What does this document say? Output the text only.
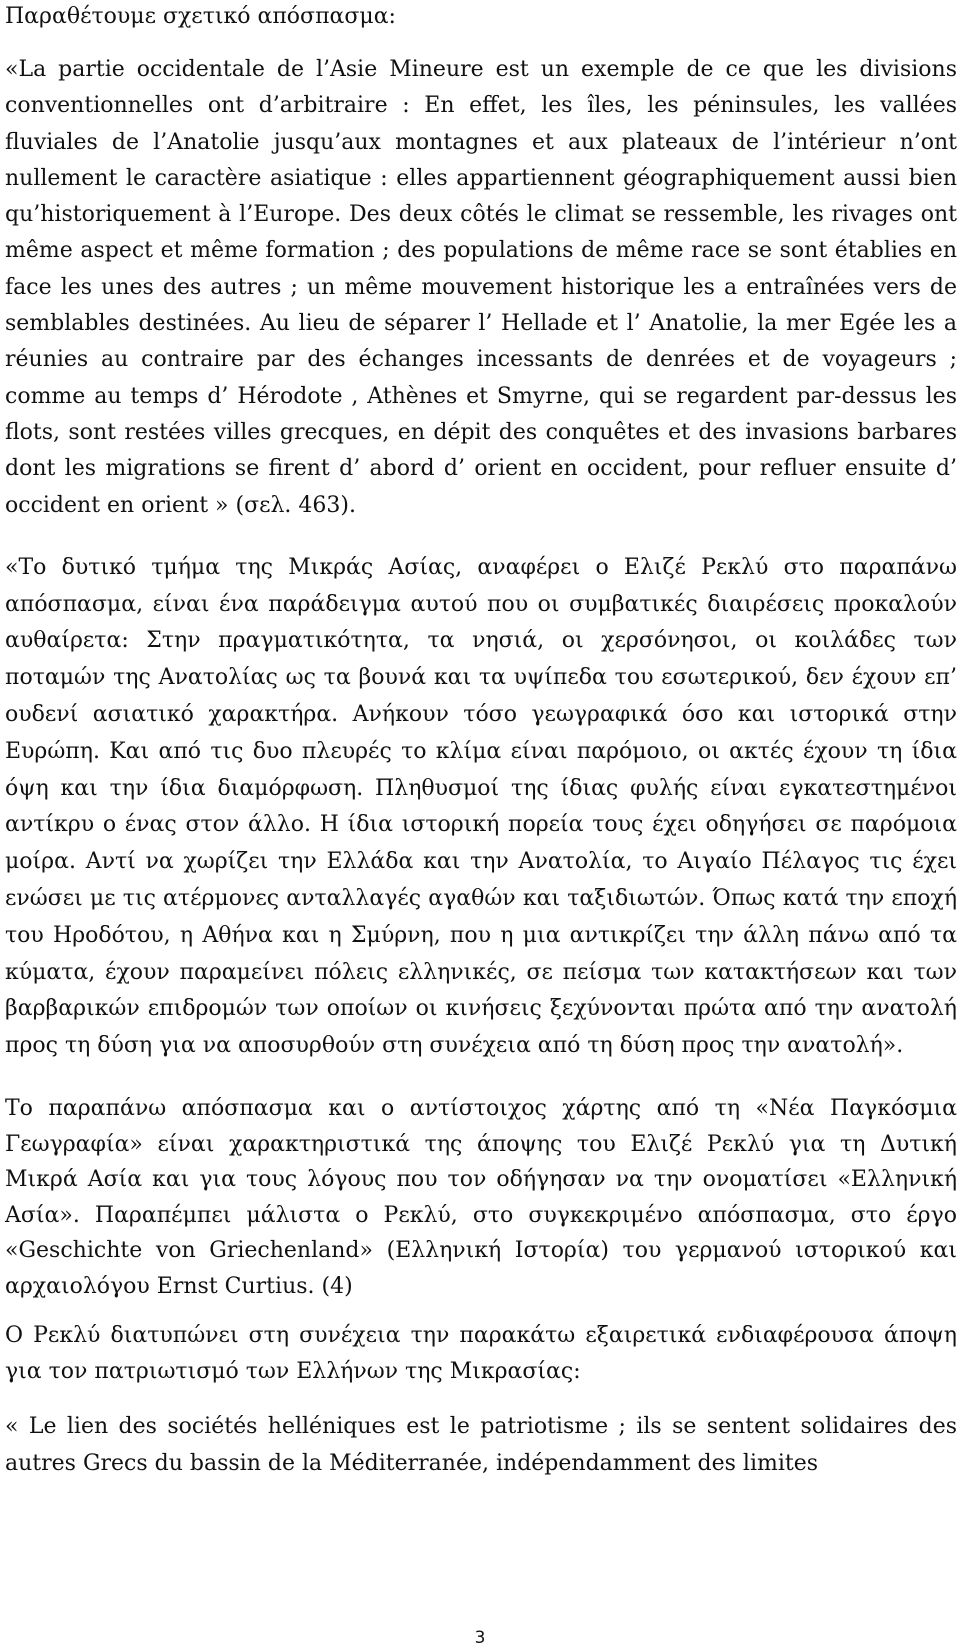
Παραθέτουμε σχετικό απόσπασμα:

«La partie occidentale de l’Asie Mineure est un exemple de ce que les divisions conventionnelles ont d’arbitraire : En effet, les îles, les péninsules, les vallées fluviales de l’Anatolie jusqu’aux montagnes et aux plateaux de l’intérieur n’ont nullement le caractère asiatique : elles appartiennent géographiquement aussi bien qu’historiquement à l’Europe. Des deux côtés le climat se ressemble, les rivages ont même aspect et même formation ; des populations de même race se sont établies en face les unes des autres ; un même mouvement historique les a entraînées vers de semblables destinées. Au lieu de séparer l’ Hellade et l’ Anatolie, la mer Egée les a réunies au contraire par des échanges incessants de denrées et de voyageurs ; comme au temps d’ Hérodote , Athènes et Smyrne, qui se regardent par-dessus les flots, sont restées villes grecques, en dépit des conquêtes et des invasions barbares dont les migrations se firent d’ abord d’ orient en occident, pour refluer ensuite d’ occident en orient » (σελ. 463).

«Το δυτικό τμήμα της Μικράς Ασίας, αναφέρει ο Ελιζέ Ρεκλύ στο παραπάνω απόσπασμα, είναι ένα παράδειγμα αυτού που οι συμβατικές διαιρέσεις προκαλούν αυθαίρετα: Στην πραγματικότητα, τα νησιά, οι χερσόνησοι, οι κοιλάδες των ποταμών της Ανατολίας ως τα βουνά και τα υψίπεδα του εσωτερικού, δεν έχουν επ’ ουδενί ασιατικό χαρακτήρα. Ανήκουν τόσο γεωγραφικά όσο και ιστορικά στην Ευρώπη. Και από τις δυο πλευρές το κλίμα είναι παρόμοιο, οι ακτές έχουν τη ίδια όψη και την ίδια διαμόρφωση. Πληθυσμοί της ίδιας φυλής είναι εγκατεστημένοι αντίκρυ ο ένας στον άλλο. Η ίδια ιστορική πορεία τους έχει οδηγήσει σε παρόμοια μοίρα. Αντί να χωρίζει την Ελλάδα και την Ανατολία, το Αιγαίο Πέλαγος τις έχει ενώσει με τις ατέρμονες ανταλλαγές αγαθών και ταξιδιωτών. Όπως κατά την εποχή του Ηροδότου, η Αθήνα και η Σμύρνη, που η μια αντικρίζει την άλλη πάνω από τα κύματα, έχουν παραμείνει πόλεις ελληνικές, σε πείσμα των κατακτήσεων και των βαρβαρικών επιδρομών των οποίων οι κινήσεις ξεχύνονται πρώτα από την ανατολή προς τη δύση για να αποσυρθούν στη συνέχεια από τη δύση προς την ανατολή».

Το παραπάνω απόσπασμα και ο αντίστοιχος χάρτης από τη «Νέα Παγκόσμια Γεωγραφία» είναι χαρακτηριστικά της άποψης του Ελιζέ Ρεκλύ για τη Δυτική Μικρά Ασία και για τους λόγους που τον οδήγησαν να την ονοματίσει «Ελληνική Ασία». Παραπέμπει μάλιστα ο Ρεκλύ, στο συγκεκριμένο απόσπασμα, στο έργο «Geschichte von Griechenland» (Ελληνική Ιστορία) του γερμανού ιστορικού και αρχαιολόγου Ernst Curtius. (4)

Ο Ρεκλύ διατυπώνει στη συνέχεια την παρακάτω εξαιρετικά ενδιαφέρουσα άποψη για τον πατριωτισμό των Ελλήνων της Μικρασίας:

« Le lien des sociétés helléniques est le patriotisme ; ils se sentent solidaires des autres Grecs du bassin de la Méditerranée, indépendamment des limites

3
